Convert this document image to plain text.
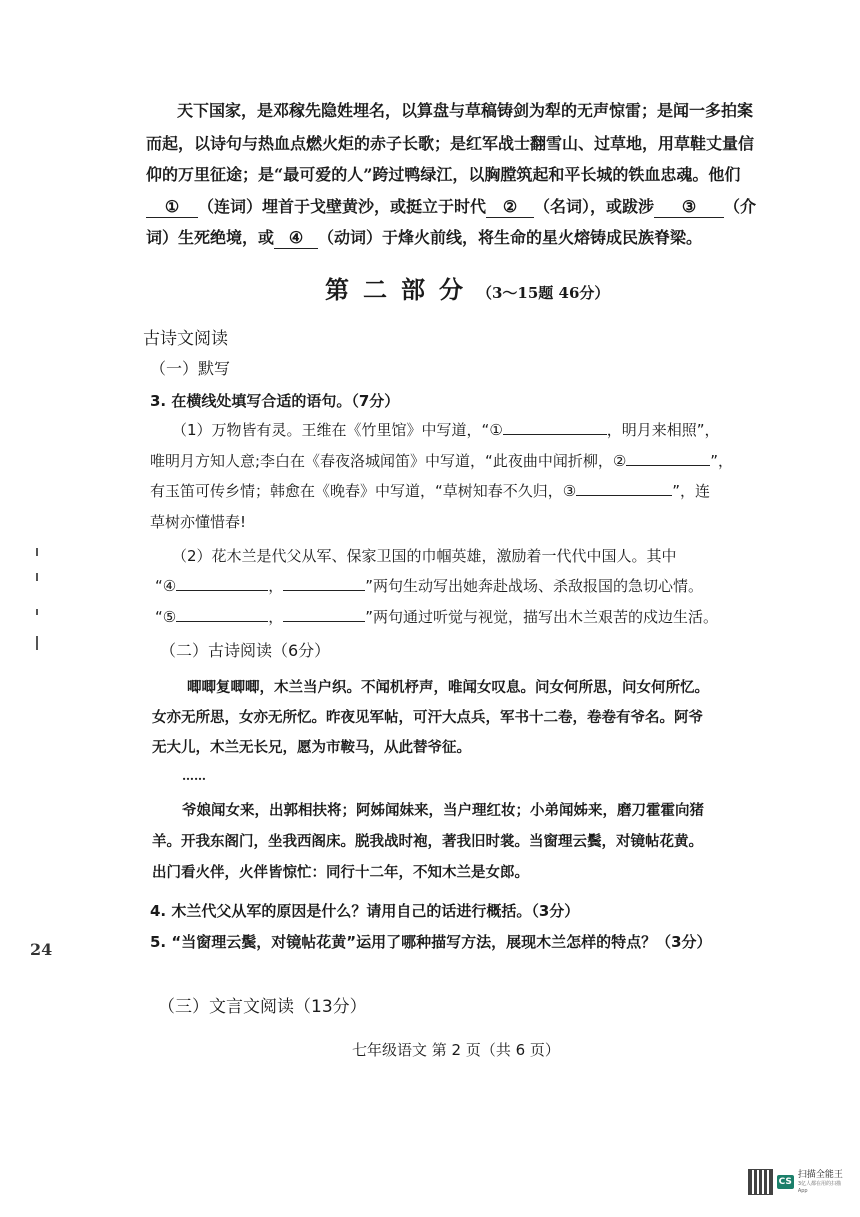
天下国家，是邓稼先隐姓埋名，以算盘与草稿铸剑为犁的无声惊雷；是闻一多拍案
而起，以诗句与热血点燃火炬的赤子长歌；是红军战士翻雪山、过草地，用草鞋丈量信
仰的万里征途；是“最可爱的人”跨过鸭绿江，以胸膛筑起和平长城的铁血忠魂。他们
① （连词）埋首于戈壁黄沙，或挺立于时代 ② （名词），或跋涉 ③ （介
词）生死绝境，或 ④ （动词）于烽火前线，将生命的星火熔铸成民族脊梁。
第二部分（3～15题 46分）
古诗文阅读
（一）默写
3. 在横线处填写合适的语句。（7分）
（1）万物皆有灵。王维在《竹里馆》中写道，“①	，明月来相照”，
唯明月方知人意;李白在《春夜洛城闻笛》中写道，“此夜曲中闻折柳，②	”，
有玉笛可传乡情；韩愈在《晚春》中写道，“草树知春不久归，③	”，连
草树亦懂惜春!
（2）花木兰是代父从军、保家卫国的巾帼英雄，激励着一代代中国人。其中
“④	，	”两句生动写出她奔赴战场、杀敌报国的急切心情。
“⑤	，	”两句通过听觉与视觉，描写出木兰艰苦的戍边生活。
（二）古诗阅读（6分）
唧唧复唧唧，木兰当户织。不闻机杼声，唯闻女叹息。问女何所思，问女何所忆。
女亦无所思，女亦无所忆。昨夜见军帖，可汗大点兵，军书十二卷，卷卷有爷名。阿爷
无大儿，木兰无长兄，愿为市鞍马，从此替爷征。
……
爷娘闻女来，出郭相扶将；阿姊闻妹来，当户理红妆；小弟闻姊来，磨刀霍霍向猪
羊。开我东阁门，坐我西阁床。脱我战时袍，著我旧时裳。当窗理云鬓，对镜帖花黄。
出门看火伴，火伴皆惊忙：同行十二年，不知木兰是女郎。
4. 木兰代父从军的原因是什么？请用自己的话进行概括。（3分）
5. “当窗理云鬓，对镜帖花黄”运用了哪种描写方法，展现木兰怎样的特点？（3分）
（三）文言文阅读（13分）
七年级语文 第 2 页（共 6 页）
24
CS
扫描全能王
3亿人都在用的扫描App
